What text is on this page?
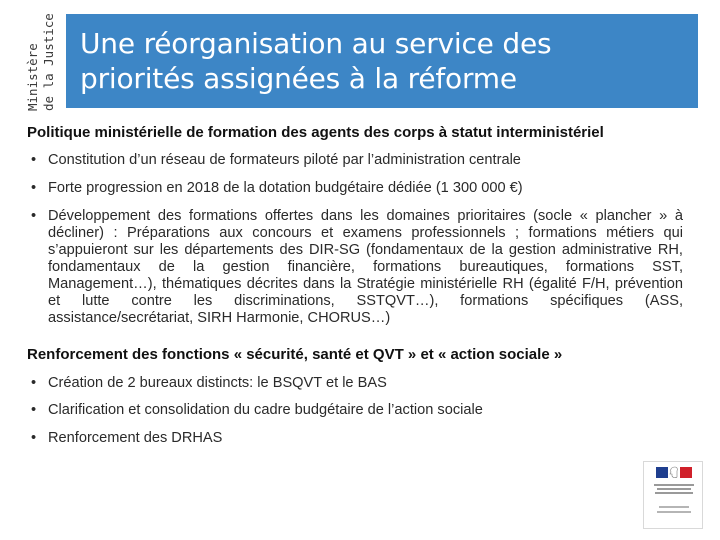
Ministère de la Justice Une réorganisation au service des
priorités assignées à la réforme

Politique ministérielle de formation des agents des corps à statut interministériel

• Constitution d’un réseau de formateurs piloté par l’administration centrale
• Forte progression en 2018 de la dotation budgétaire dédiée (1 300 000 €)
• Développement des formations offertes dans les domaines prioritaires (socle « plancher » à décliner) : Préparations aux concours et examens professionnels ; formations métiers qui s’appuieront sur les départements des DIR-SG (fondamentaux de la gestion administrative RH, fondamentaux de la gestion financière, formations bureautiques, formations SST, Management…), thématiques décrites dans la Stratégie ministérielle RH (égalité F/H, prévention et lutte contre les discriminations, SSTQVT…), formations spécifiques (ASS, assistance/secrétariat, SIRH Harmonie, CHORUS…)

Renforcement des fonctions « sécurité, santé et QVT » et « action sociale »

• Création de 2 bureaux distincts: le BSQVT et le BAS
• Clarification et consolidation du cadre budgétaire de l’action sociale
• Renforcement des DRHAS
